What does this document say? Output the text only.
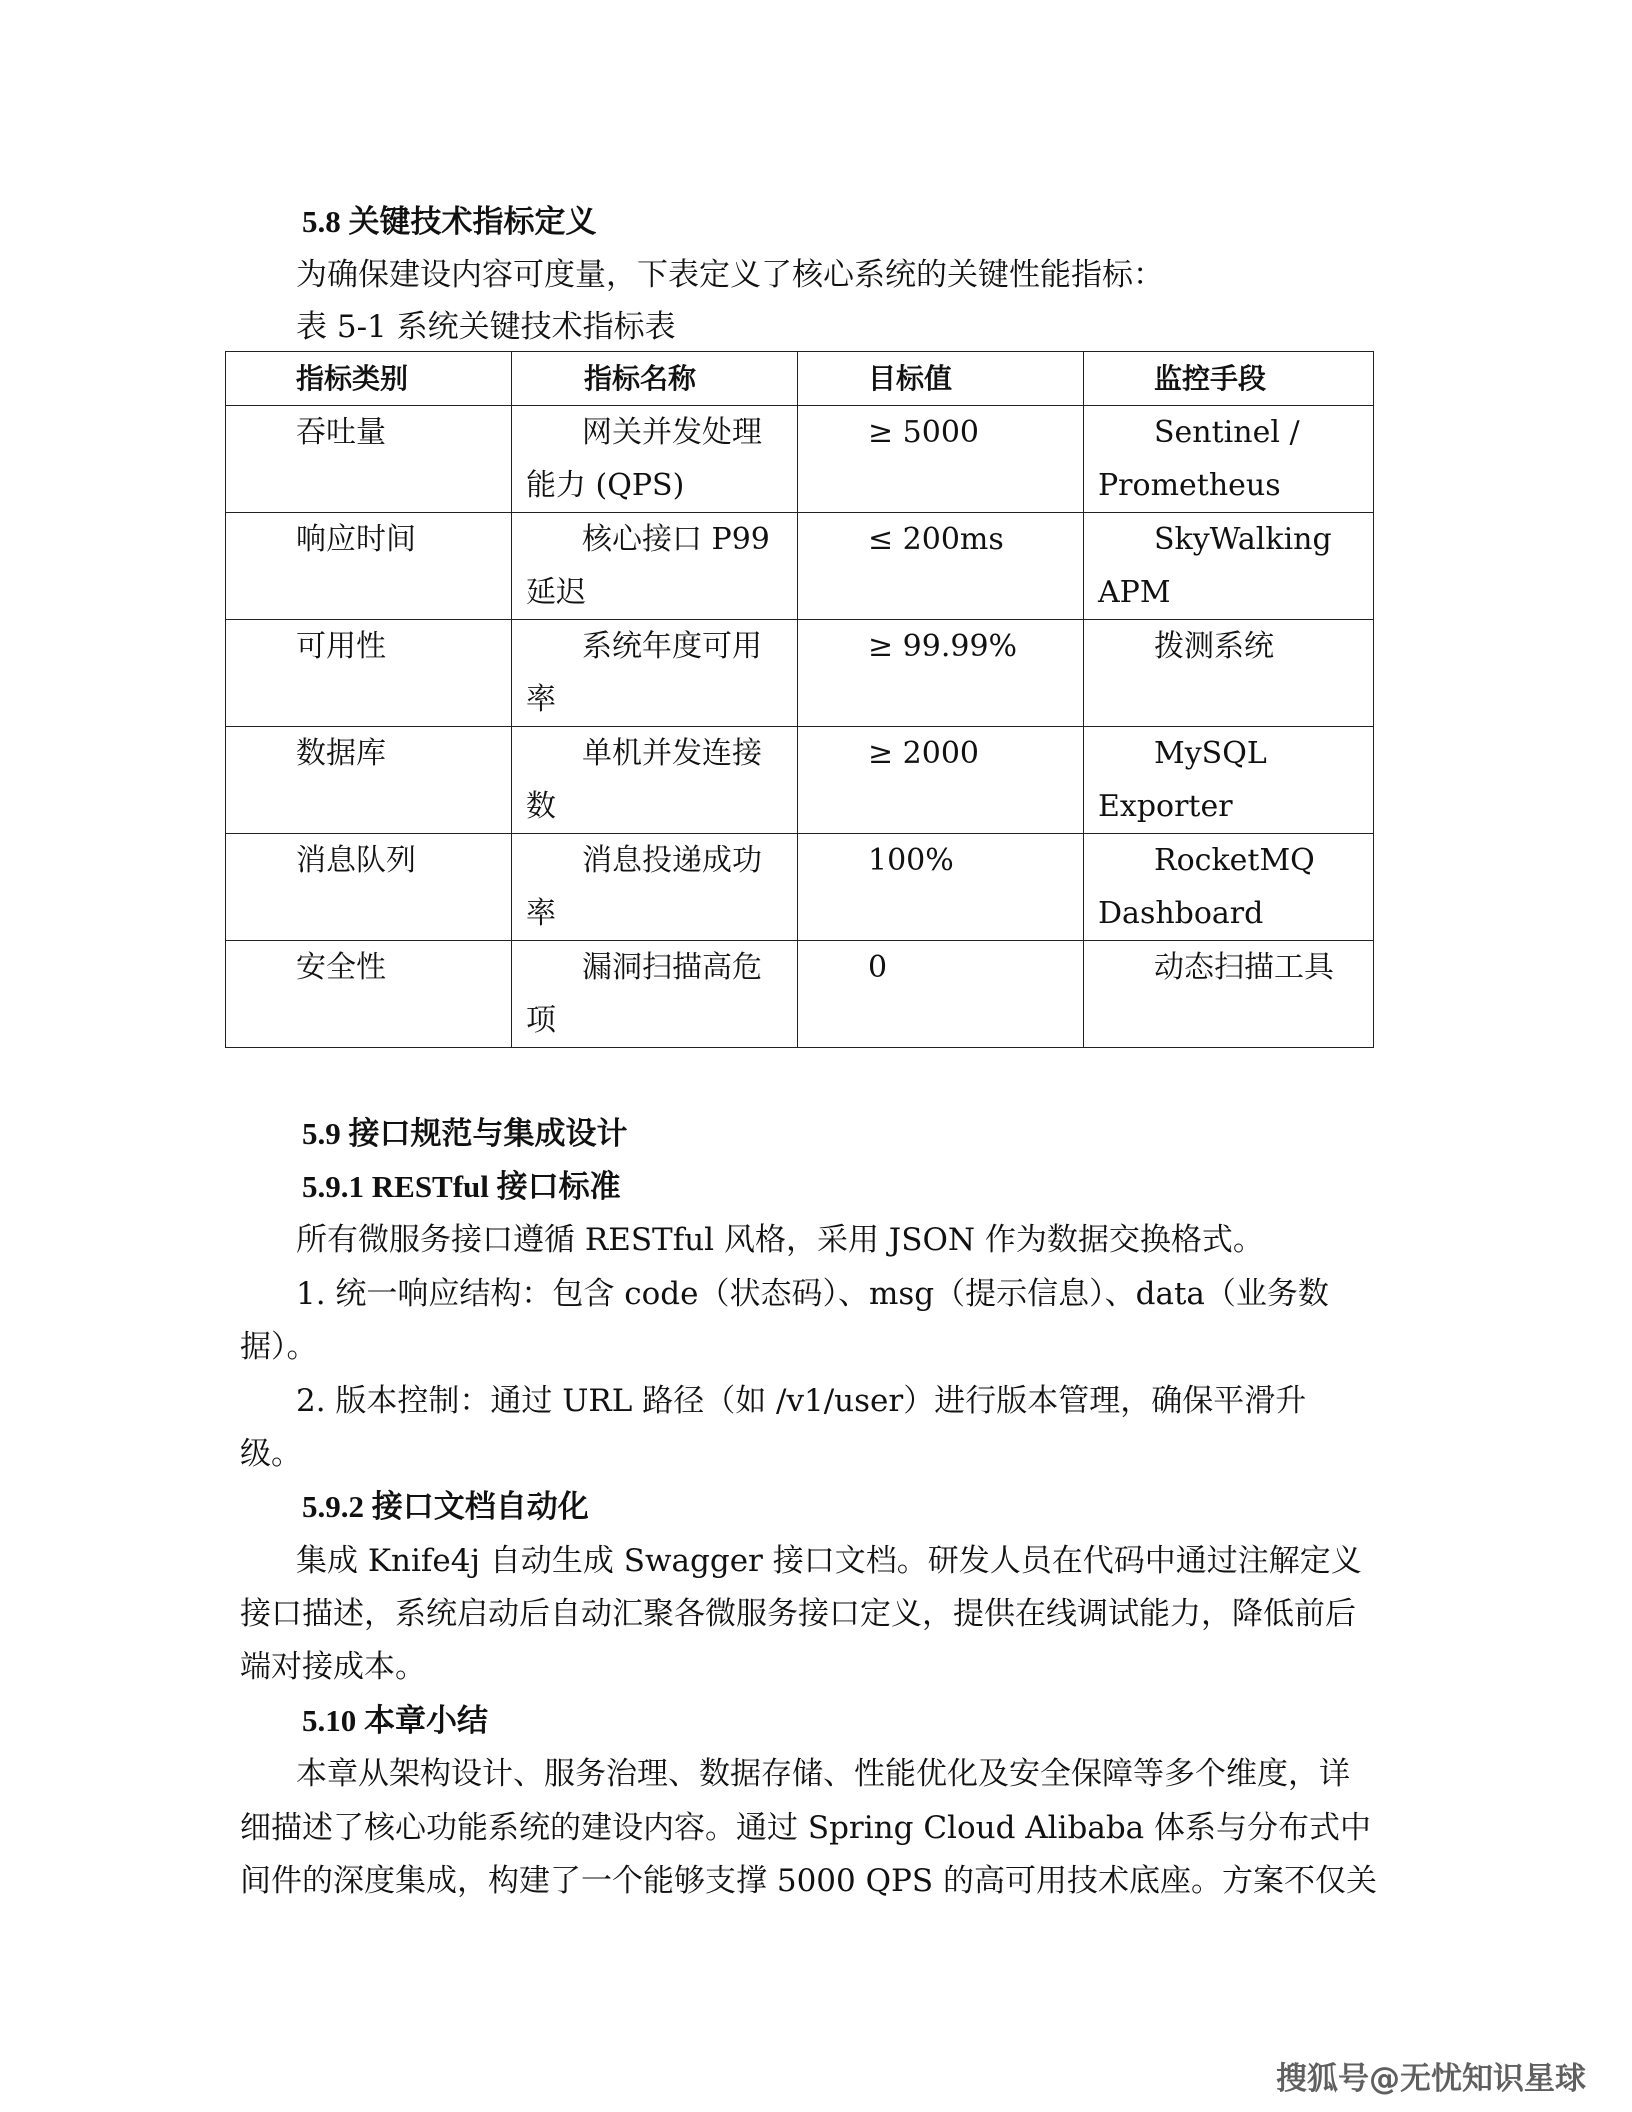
5.8 关键技术指标定义
为确保建设内容可度量，下表定义了核心系统的关键性能指标：
表 5-1 系统关键技术指标表
指标类别	指标名称	目标值	监控手段
吞吐量	网关并发处理能力 (QPS)	≥ 5000	Sentinel / Prometheus
响应时间	核心接口 P99 延迟	≤ 200ms	SkyWalking APM
可用性	系统年度可用率	≥ 99.99%	拨测系统
数据库	单机并发连接数	≥ 2000	MySQL Exporter
消息队列	消息投递成功率	100%	RocketMQ Dashboard
安全性	漏洞扫描高危项	0	动态扫描工具
5.9 接口规范与集成设计
5.9.1 RESTful 接口标准
所有微服务接口遵循 RESTful 风格，采用 JSON 作为数据交换格式。
1. 统一响应结构：包含 code（状态码）、msg（提示信息）、data（业务数
据）。
2. 版本控制：通过 URL 路径（如 /v1/user）进行版本管理，确保平滑升
级。
5.9.2 接口文档自动化
集成 Knife4j 自动生成 Swagger 接口文档。研发人员在代码中通过注解定义
接口描述，系统启动后自动汇聚各微服务接口定义，提供在线调试能力，降低前后
端对接成本。
5.10 本章小结
本章从架构设计、服务治理、数据存储、性能优化及安全保障等多个维度，详
细描述了核心功能系统的建设内容。通过 Spring Cloud Alibaba 体系与分布式中
间件的深度集成，构建了一个能够支撑 5000 QPS 的高可用技术底座。方案不仅关
搜狐号@无忧知识星球
